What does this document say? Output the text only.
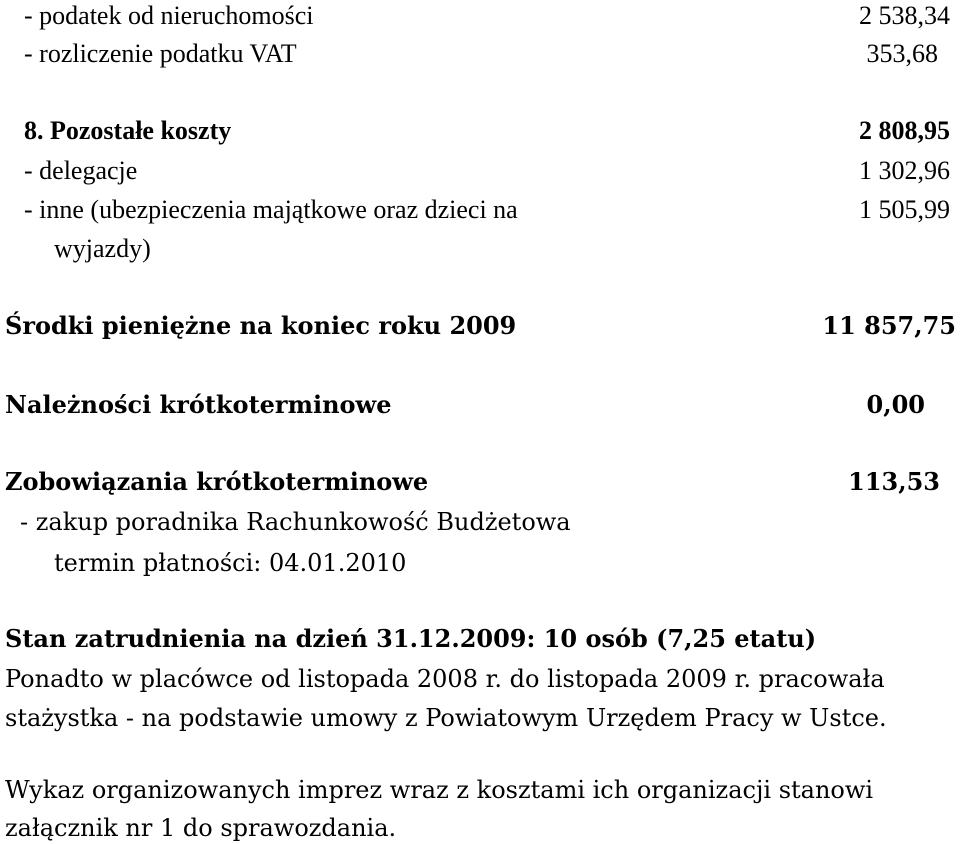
- podatek od nieruchomości	2 538,34
- rozliczenie podatku VAT	353,68
8. Pozostałe koszty	2 808,95
- delegacje	1 302,96
- inne (ubezpieczenia majątkowe oraz dzieci na	1 505,99
wyjazdy)
Środki pieniężne na koniec roku 2009	11 857,75
Należności krótkoterminowe	0,00
Zobowiązania krótkoterminowe	113,53
- zakup poradnika Rachunkowość Budżetowa
termin płatności: 04.01.2010
Stan zatrudnienia na dzień 31.12.2009: 10 osób (7,25 etatu)
Ponadto w placówce od listopada 2008 r. do listopada 2009 r. pracowała
stażystka - na podstawie umowy z Powiatowym Urzędem Pracy w Ustce.
Wykaz organizowanych imprez wraz z kosztami ich organizacji stanowi
załącznik nr 1 do sprawozdania.
